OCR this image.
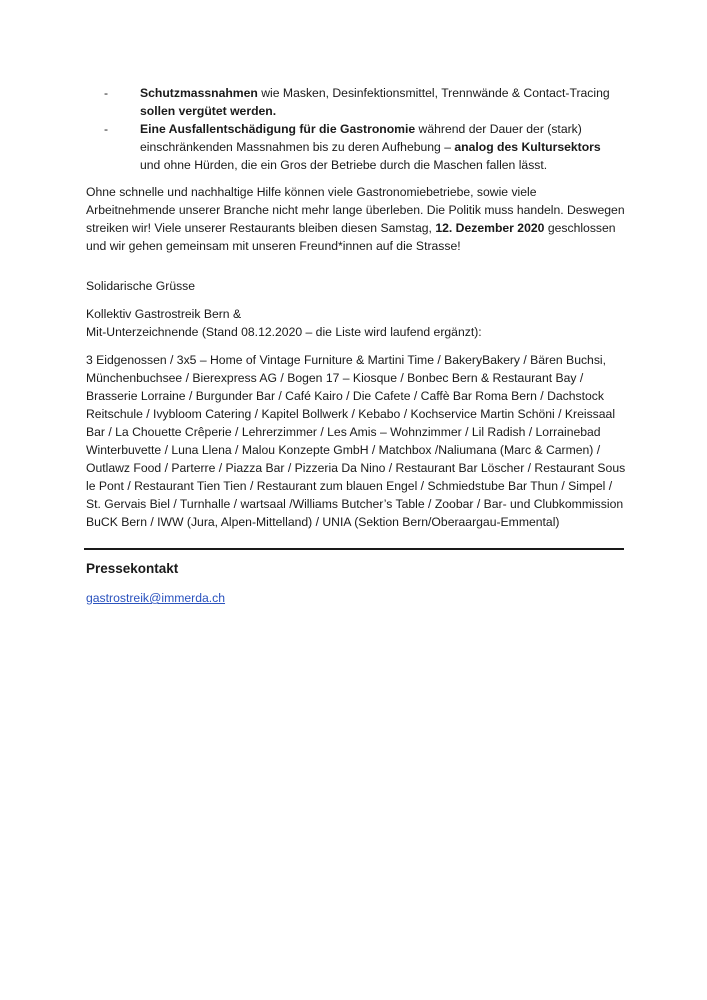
-	Schutzmassnahmen wie Masken, Desinfektionsmittel, Trennwände & Contact-Tracing sollen vergütet werden.

-	Eine Ausfallentschädigung für die Gastronomie während der Dauer der (stark) einschränkenden Massnahmen bis zu deren Aufhebung – analog des Kultursektors und ohne Hürden, die ein Gros der Betriebe durch die Maschen fallen lässt.

Ohne schnelle und nachhaltige Hilfe können viele Gastronomiebetriebe, sowie viele Arbeitnehmende unserer Branche nicht mehr lange überleben. Die Politik muss handeln. Deswegen streiken wir! Viele unserer Restaurants bleiben diesen Samstag, 12. Dezember 2020 geschlossen und wir gehen gemeinsam mit unseren Freund*innen auf die Strasse!

Solidarische Grüsse

Kollektiv Gastrostreik Bern &
Mit-Unterzeichnende (Stand 08.12.2020 – die Liste wird laufend ergänzt):

3 Eidgenossen / 3x5 – Home of Vintage Furniture & Martini Time / BakeryBakery / Bären Buchsi, Münchenbuchsee / Bierexpress AG / Bogen 17 – Kiosque / Bonbec Bern & Restaurant Bay / Brasserie Lorraine / Burgunder Bar / Café Kairo / Die Cafete / Caffè Bar Roma Bern / Dachstock Reitschule / Ivybloom Catering / Kapitel Bollwerk / Kebabo / Kochservice Martin Schöni / Kreissaal Bar / La Chouette Crêperie / Lehrerzimmer / Les Amis – Wohnzimmer / Lil Radish / Lorrainebad Winterbuvette / Luna Llena / Malou Konzepte GmbH / Matchbox /Naliumana (Marc & Carmen) / Outlawz Food / Parterre / Piazza Bar / Pizzeria Da Nino / Restaurant Bar Löscher / Restaurant Sous le Pont / Restaurant Tien Tien / Restaurant zum blauen Engel / Schmiedstube Bar Thun / Simpel / St. Gervais Biel / Turnhalle / wartsaal /Williams Butcher’s Table / Zoobar / Bar- und Clubkommission BuCK Bern / IWW (Jura, Alpen-Mittelland) / UNIA (Sektion Bern/Oberaargau-Emmental)

Pressekontakt

gastrostreik@immerda.ch
